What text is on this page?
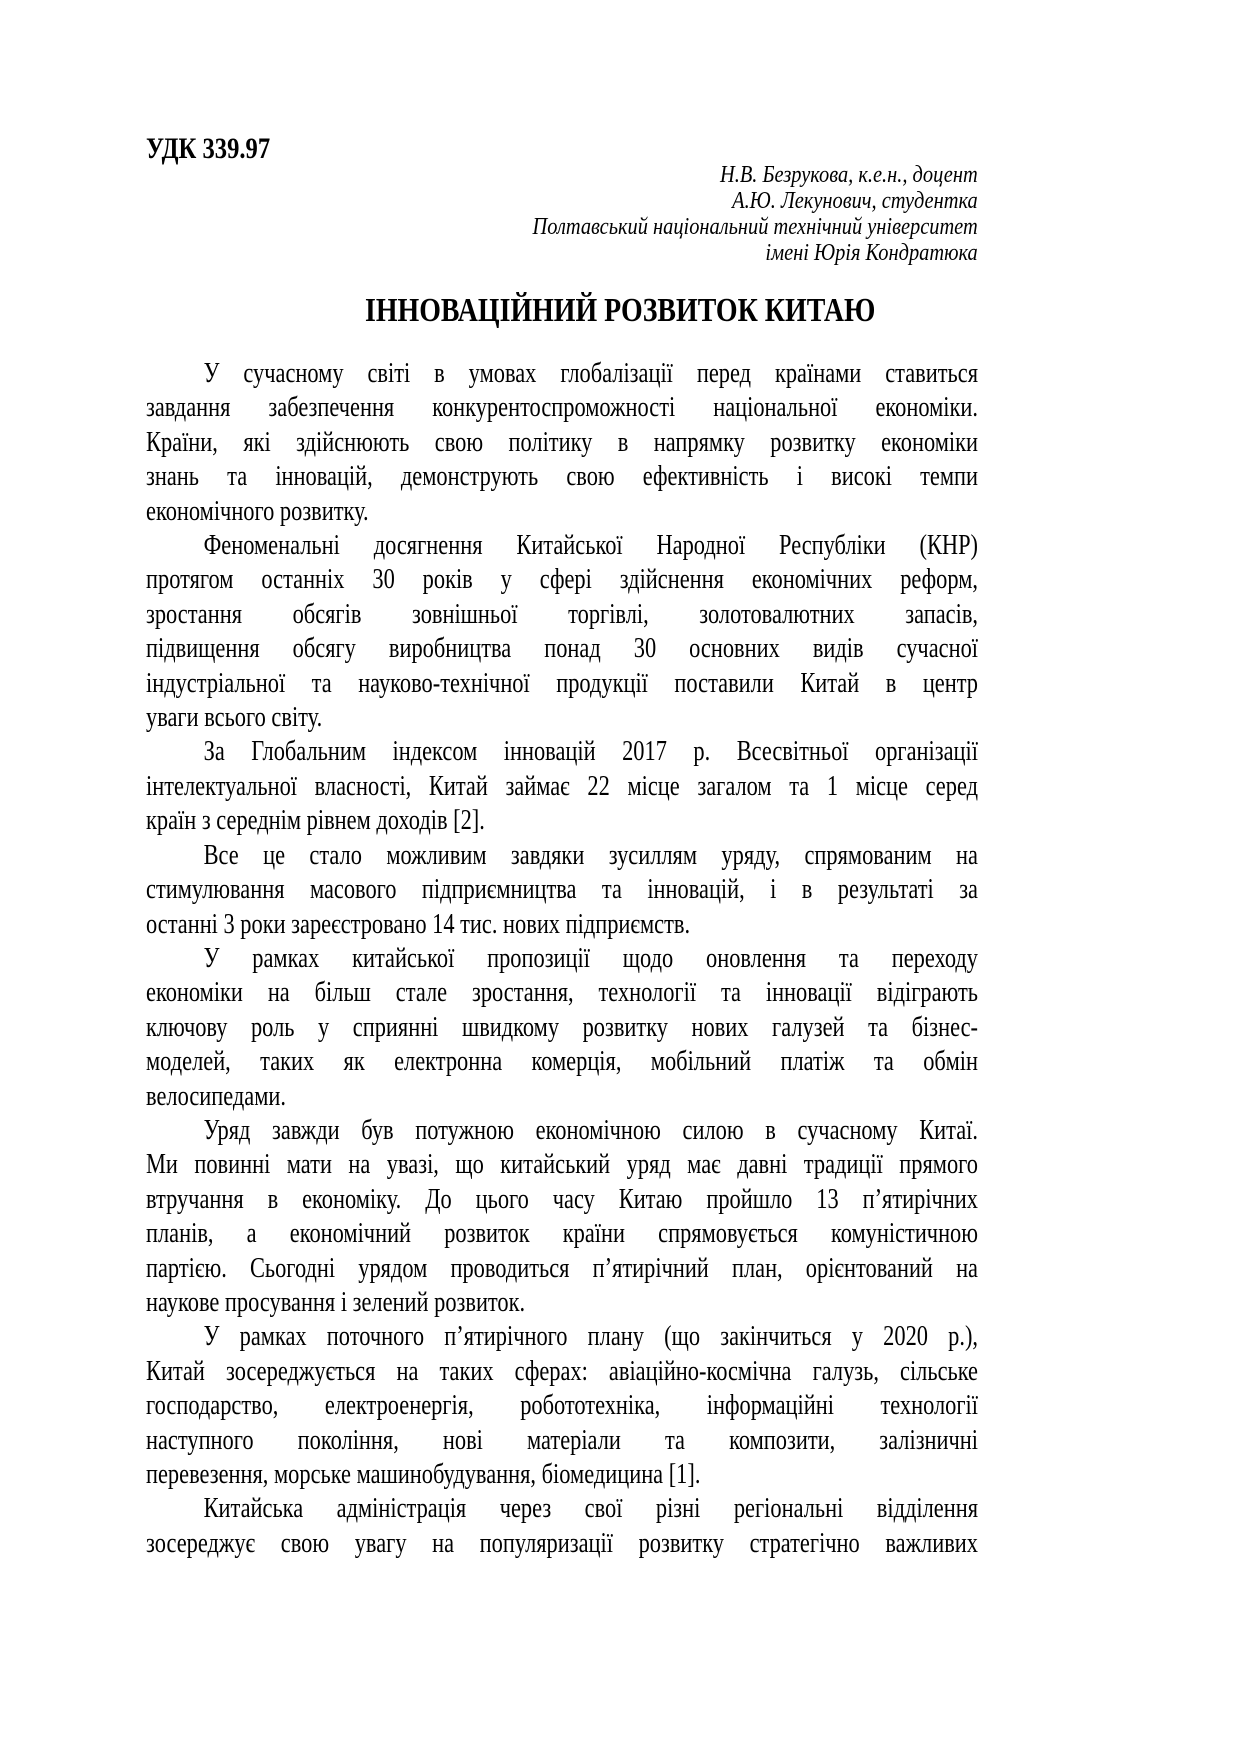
УДК 339.97
Н.В. Безрукова, к.е.н., доцент
А.Ю. Лекунович, студентка
Полтавський національний технічний університет
імені Юрія Кондратюка
ІННОВАЦІЙНИЙ РОЗВИТОК КИТАЮ
У сучасному світі в умовах глобалізації перед країнами ставиться
завдання забезпечення конкурентоспроможності національної економіки.
Країни, які здійснюють свою політику в напрямку розвитку економіки
знань та інновацій, демонструють свою ефективність і високі темпи
економічного розвитку.
Феноменальні досягнення Китайської Народної Республіки (КНР)
протягом останніх 30 років у сфері здійснення економічних реформ,
зростання обсягів зовнішньої торгівлі, золотовалютних запасів,
підвищення обсягу виробництва понад 30 основних видів сучасної
індустріальної та науково-технічної продукції поставили Китай в центр
уваги всього світу.
За Глобальним індексом інновацій 2017 р. Всесвітньої організації
інтелектуальної власності, Китай займає 22 місце загалом та 1 місце серед
країн з середнім рівнем доходів [2].
Все це стало можливим завдяки зусиллям уряду, спрямованим на
стимулювання масового підприємництва та інновацій, і в результаті за
останні 3 роки зареєстровано 14 тис. нових підприємств.
У рамках китайської пропозиції щодо оновлення та переходу
економіки на більш стале зростання, технології та інновації відіграють
ключову роль у сприянні швидкому розвитку нових галузей та бізнес-
моделей, таких як електронна комерція, мобільний платіж та обмін
велосипедами.
Уряд завжди був потужною економічною силою в сучасному Китаї.
Ми повинні мати на увазі, що китайський уряд має давні традиції прямого
втручання в економіку. До цього часу Китаю пройшло 13 п’ятирічних
планів, а економічний розвиток країни спрямовується комуністичною
партією. Сьогодні урядом проводиться п’ятирічний план, орієнтований на
наукове просування і зелений розвиток.
У рамках поточного п’ятирічного плану (що закінчиться у 2020 р.),
Китай зосереджується на таких сферах: авіаційно-космічна галузь, сільське
господарство, електроенергія, робототехніка, інформаційні технології
наступного покоління, нові матеріали та композити, залізничні
перевезення, морське машинобудування, біомедицина [1].
Китайська адміністрація через свої різні регіональні відділення
зосереджує свою увагу на популяризації розвитку стратегічно важливих
